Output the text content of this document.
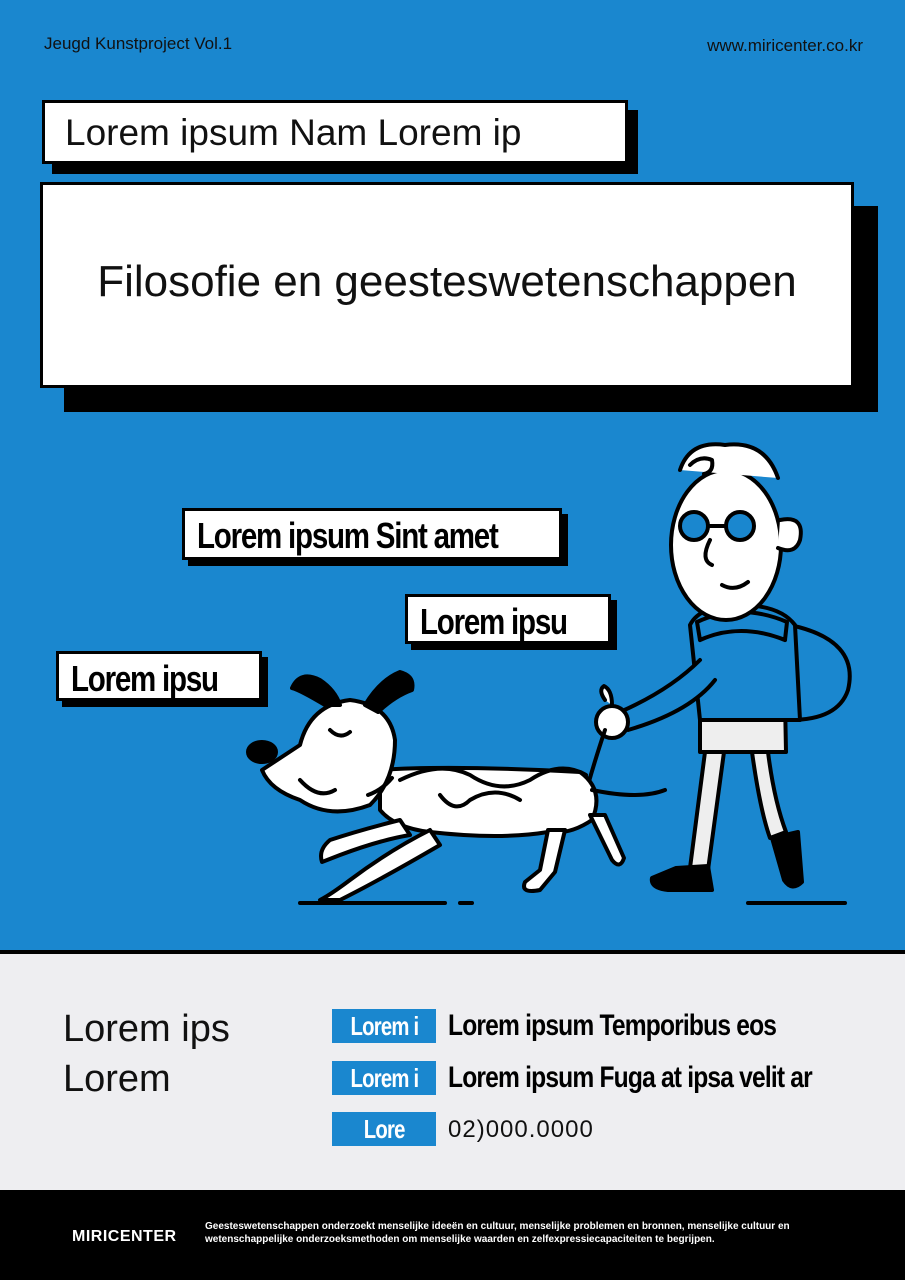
Jeugd Kunstproject Vol.1	www.miricenter.co.kr
Lorem ipsum Nam Lorem ip
Filosofie en geesteswetenschappen
Lorem ipsum Sint amet
Lorem ipsu
Lorem ipsu
Lorem ips
Lorem
Lorem i	Lorem ipsum Temporibus eos
Lorem i	Lorem ipsum Fuga at ipsa velit ar
Lore	02)000.0000
MIRICENTER
Geesteswetenschappen onderzoekt menselijke ideeën en cultuur, menselijke problemen en bronnen, menselijke cultuur en wetenschappelijke onderzoeksmethoden om menselijke waarden en zelfexpressiecapaciteiten te begrijpen.
